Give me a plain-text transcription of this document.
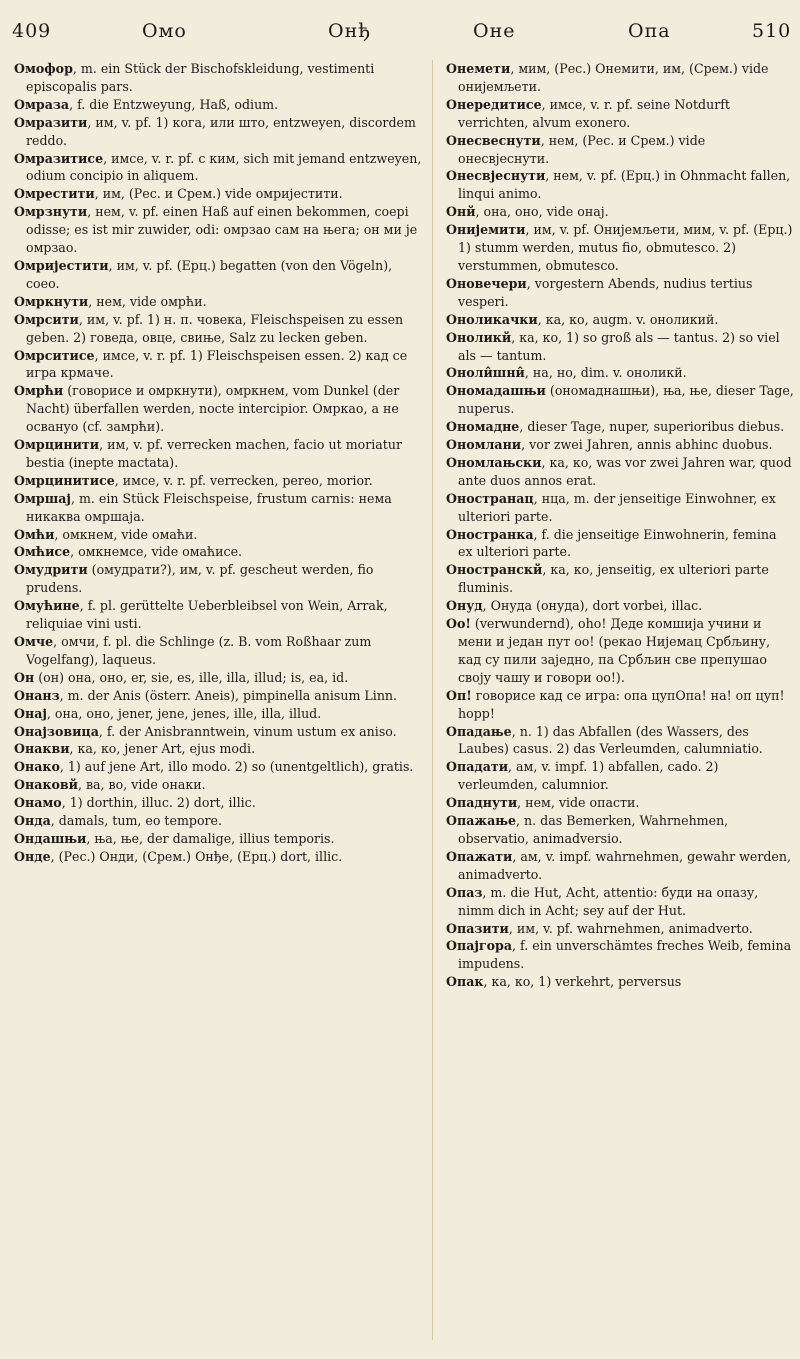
409	Омо	Онђ	Оне	Опа	510

Омофор, m. ein Stück der Bischofskleidung, vestimenti episcopalis pars.

Омраза, f. die Entzweyung, Haß, odium.

Омразити, им, v. pf. 1) кога, или што, entzweyen, discordem reddo.

Омразитисе, имсе, v. r. pf. с ким, sich mit jemand entzweyen, odium concipio in aliquem.

Омрестити, им, (Рес. и Срем.) vide омријестити.

Омрзнути, нем, v. pf. einen Haß auf einen bekommen, coepi odisse; es ist mir zuwider, odi: омрзао сам на њега; он ми је омрзао.

Омријестити, им, v. pf. (Ерц.) begatten (von den Vögeln), coeo.

Омркнути, нем, vide омрћи.

Омрсити, им, v. pf. 1) н. п. човека, Fleischspeisen zu essen geben. 2) говеда, овце, свиње, Salz zu lecken geben.

Омрситисе, имсе, v. r. pf. 1) Fleischspeisen essen. 2) кад се игра крмаче.

Омрћи (говорисе и омркнути), омркнем, vom Dunkel (der Nacht) überfallen werden, nocte intercipior. Омркао, а не осванyо (cf. замрћи).

Омрцинити, им, v. pf. verrecken machen, facio ut moriatur bestia (inepte mactata).

Омрцинитисе, имсе, v. r. pf. verrecken, pereo, morior.

Омршај, m. ein Stück Fleischspeise, frustum carnis: нема никаква омршаја.

Омћи, омкнем, vide омаћи.

Омћисе, омкнемсе, vide омаћисе.

Омудрити (омудрати?), им, v. pf. gescheut werden, fio prudens.

Омућине, f. pl. gerüttelte Ueberbleibsel von Wein, Arrak, reliquiae vini usti.

Омче, омчи, f. pl. die Schlinge (z. B. vom Roßhaar zum Vogelfang), laqueus.

Он (он) она, оно, er, sie, es, ille, illa, illud; is, ea, id.

Онанз, m. der Anis (österr. Aneis), pimpinella anisum Linn.

Онај, она, оно, jener, jene, jenes, ille, illa, illud.

Онајзовица, f. der Anisbranntwein, vinum ustum ex aniso.

Онакви, ка, ко, jener Art, ejus modi.

Онако, 1) auf jene Art, illo modo. 2) so (unentgeltlich), gratis.

Онаковй, ва, во, vide онаки.

Онамо, 1) dorthin, illuc. 2) dort, illic.

Онда, damals, tum, eo tempore.

Ондашњи, ња, ње, der damalige, illius temporis.

Онде, (Рес.) Онди, (Срем.) Онђе, (Ерц.) dort, illic.

Онемети, мим, (Рес.) Онемити, им, (Срем.) vide онијемљети.

Онередитисе, имсе, v. r. pf. seine Notdurft verrichten, alvum exonero.

Онесвеснути, нем, (Рес. и Срем.) vide онесвјеснути.

Онесвјеснути, нем, v. pf. (Ерц.) in Ohnmacht fallen, linqui animo.

Онй, она, оно, vide онај.

Онијемити, им, v. pf. Онијемљети, мим, v. pf. (Ерц.) 1) stumm werden, mutus fio, obmutesco. 2) verstummen, obmutesco.

Оновечери, vorgestern Abends, nudius tertius vesperi.

Оноликачки, ка, ко, augm. v. оноликий.

Оноликй, ка, ко, 1) so groß als — tantus. 2) so viel als — tantum.

Оноли̂шни̂, на, но, dim. v. оноликй.

Ономадашњи (ономаднашњи), ња, ње, dieser Tage, nuperus.

Ономадне, dieser Tage, nuper, superioribus diebus.

Ономлани, vor zwei Jahren, annis abhinc duobus.

Ономлањски, ка, ко, was vor zwei Jahren war, quod ante duos annos erat.

Оностранац, нца, m. der jenseitige Einwohner, ex ulteriori parte.

Оностранка, f. die jenseitige Einwohnerin, femina ex ulteriori parte.

Оностранскй, ка, ко, jenseitig, ex ulteriori parte fluminis.

Онуд, Онуда (онуда), dort vorbei, illac.

Оо! (verwundernd), oho! Деде комшија учини и мени и један пут оо! (рекао Нијемац Србљину, кад су пили заједно, па Србљин све препушао своју чашу и говори оо!).

Оп! говорисе кад се игра: опа цупОпа! на! оп цуп! hopp!

Опадање, n. 1) das Abfallen (des Wassers, des Laubes) casus. 2) das Verleumden, calumniatio.

Опадати, ам, v. impf. 1) abfallen, cado. 2) verleumden, calumnior.

Опаднути, нем, vide опасти.

Опажање, n. das Bemerken, Wahrnehmen, observatio, animadversio.

Опажати, ам, v. impf. wahrnehmen, gewahr werden, animadverto.

Опаз, m. die Hut, Acht, attentio: буди на опазу, nimm dich in Acht; sey auf der Hut.

Опазити, им, v. pf. wahrnehmen, animadverto.

Опајгора, f. ein unverschämtes freches Weib, femina impudens.

Опак, ка, ко, 1) verkehrt, perversus
